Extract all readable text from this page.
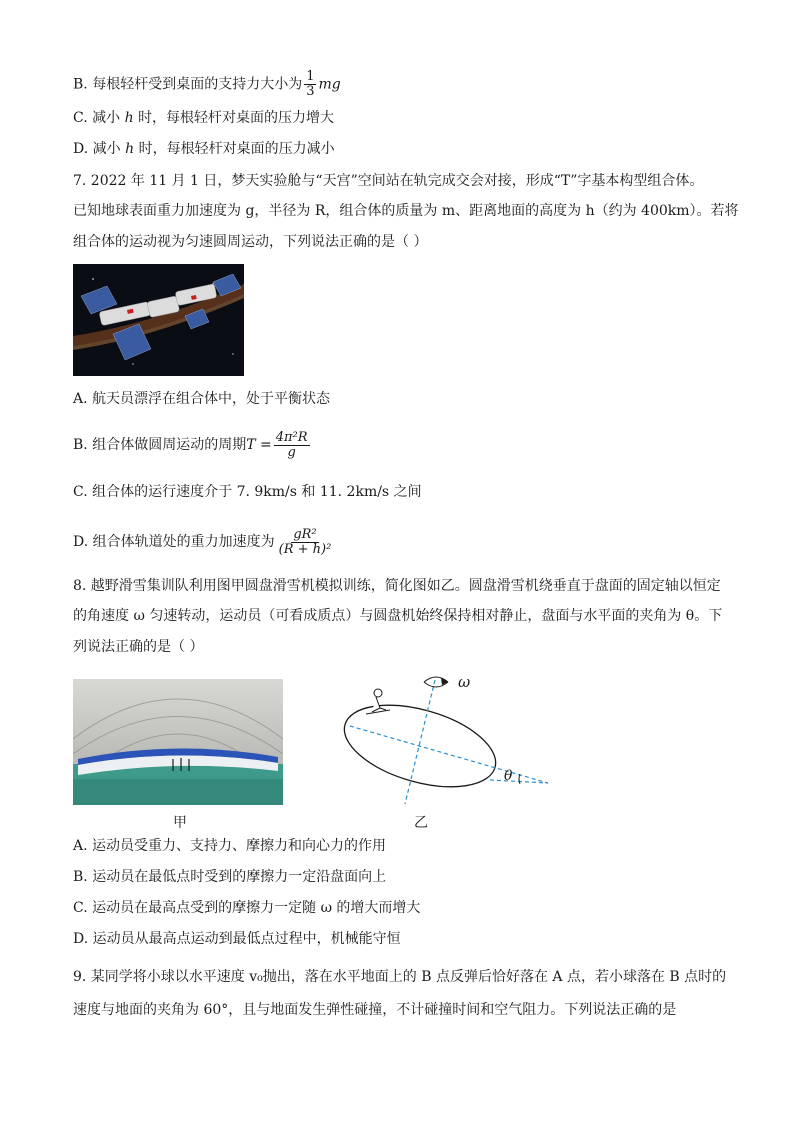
B. 每根轻杆受到桌面的支持力大小为 $\frac{1}{3}$ mg
C. 减小 h 时，每根轻杆对桌面的压力增大
D. 减小 h 时，每根轻杆对桌面的压力减小
7. 2022 年 11 月 1 日，梦天实验舱与“天宫”空间站在轨完成交会对接，形成“T”字基本构型组合体。
已知地球表面重力加速度为 g，半径为 R，组合体的质量为 m、距离地面的高度为 h（约为 400km）。若将
组合体的运动视为匀速圆周运动，下列说法正确的是（ ）
A. 航天员漂浮在组合体中，处于平衡状态
B. 组合体做圆周运动的周期$T = \frac{\text{4π²R}}{g}$
C. 组合体的运行速度介于 7. 9km/s 和 11. 2km/s 之间
D. 组合体轨道处的重力加速度为 $\frac{\text{gR²}}{\text{(R + h)²}}$
8. 越野滑雪集训队利用图甲圆盘滑雪机模拟训练，简化图如乙。圆盘滑雪机绕垂直于盘面的固定轴以恒定
的角速度 ω 匀速转动，运动员（可看成质点）与圆盘机始终保持相对静止，盘面与水平面的夹角为 θ。下
列说法正确的是（ ）
甲
ω
θ
乙
A. 运动员受重力、支持力、摩擦力和向心力的作用
B. 运动员在最低点时受到的摩擦力一定沿盘面向上
C. 运动员在最高点受到的摩擦力一定随 ω 的增大而增大
D. 运动员从最高点运动到最低点过程中，机械能守恒
9. 某同学将小球以水平速度 v₀抛出，落在水平地面上的 B 点反弹后恰好落在 A 点，若小球落在 B 点时的
速度与地面的夹角为 60°，且与地面发生弹性碰撞，不计碰撞时间和空气阻力。下列说法正确的是
